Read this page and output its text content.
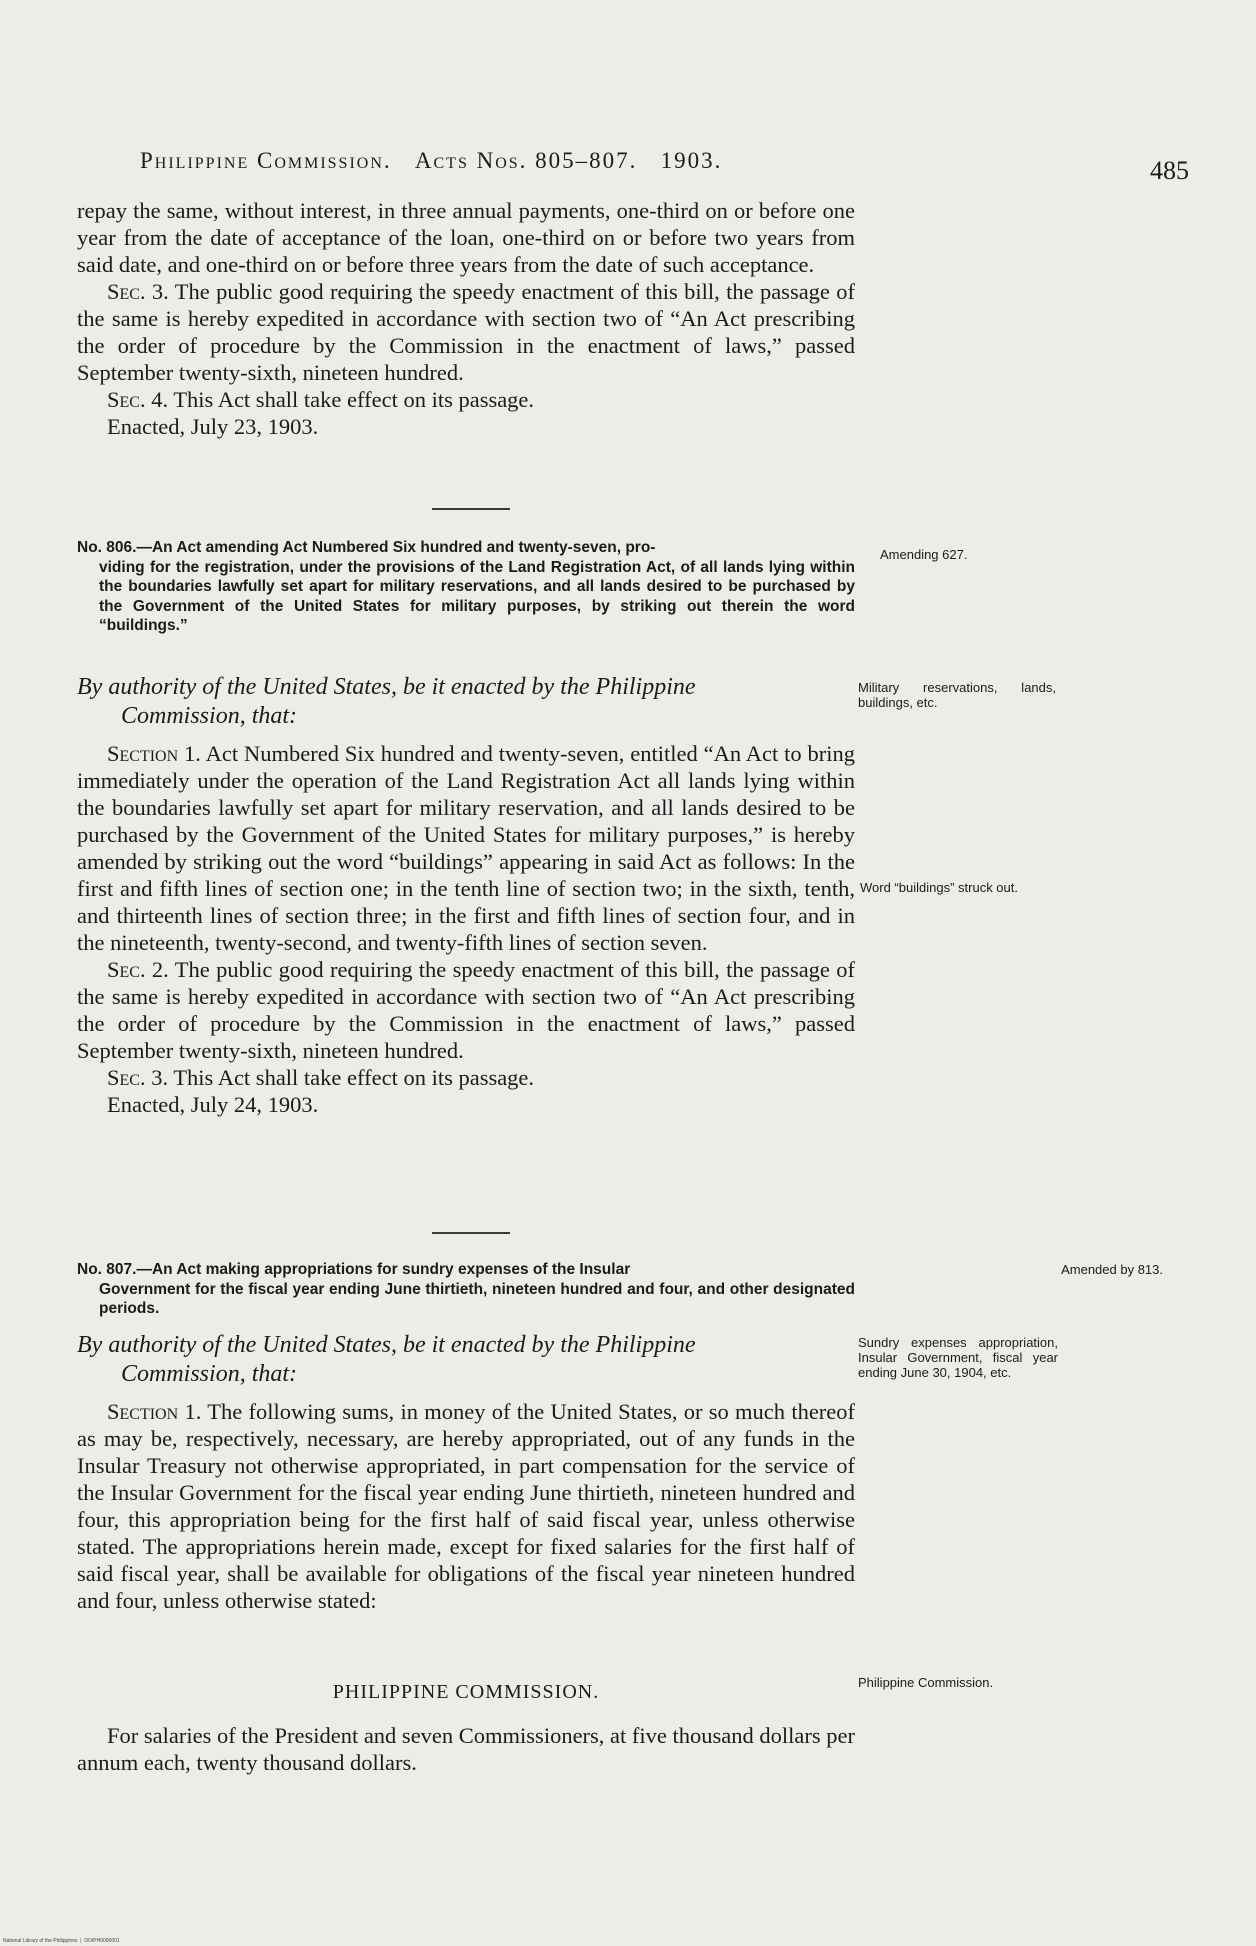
Philippine Commission. Acts Nos. 805–807. 1903.	485

repay the same, without interest, in three annual payments, one-third on or before one year from the date of acceptance of the loan, one-third on or before two years from said date, and one-third on or before three years from the date of such acceptance.

Sec. 3. The public good requiring the speedy enactment of this bill, the passage of the same is hereby expedited in accordance with section two of “An Act prescribing the order of procedure by the Commission in the enactment of laws,” passed September twenty-sixth, nineteen hundred.

Sec. 4. This Act shall take effect on its passage.

Enacted, July 23, 1903.

No. 806.—An Act amending Act Numbered Six hundred and twenty-seven, pro-
viding for the registration, under the provisions of the Land Registration Act, of all lands lying within the boundaries lawfully set apart for military reservations, and all lands desired to be purchased by the Government of the United States for military purposes, by striking out therein the word “buildings.”
Amending 627.
By authority of the United States, be it enacted by the Philippine
Commission, that:
Military reservations, lands, buildings, etc.

Section 1. Act Numbered Six hundred and twenty-seven, entitled “An Act to bring immediately under the operation of the Land Registration Act all lands lying within the boundaries lawfully set apart for military reservation, and all lands desired to be purchased by the Government of the United States for military purposes,” is hereby amended by striking out the word “buildings” appearing in said Act as follows: In the first and fifth lines of section one; in the tenth line of section two; in the sixth, tenth, and thirteenth lines of section three; in the first and fifth lines of section four, and in the nineteenth, twenty-second, and twenty-fifth lines of section seven.

Sec. 2. The public good requiring the speedy enactment of this bill, the passage of the same is hereby expedited in accordance with section two of “An Act prescribing the order of procedure by the Commission in the enactment of laws,” passed September twenty-sixth, nineteen hundred.

Sec. 3. This Act shall take effect on its passage.

Enacted, July 24, 1903.

Word “buildings” struck out.
No. 807.—An Act making appropriations for sundry expenses of the Insular
Government for the fiscal year ending June thirtieth, nineteen hundred and four, and other designated periods.
Amended by 813.
By authority of the United States, be it enacted by the Philippine
Commission, that:
Sundry expenses appropriation, Insular Government, fiscal year ending June 30, 1904, etc.

Section 1. The following sums, in money of the United States, or so much thereof as may be, respectively, necessary, are hereby appropriated, out of any funds in the Insular Treasury not otherwise appropriated, in part compensation for the service of the Insular Government for the fiscal year ending June thirtieth, nineteen hundred and four, this appropriation being for the first half of said fiscal year, unless otherwise stated. The appropriations herein made, except for fixed salaries for the first half of said fiscal year, shall be available for obligations of the fiscal year nineteen hundred and four, unless otherwise stated:

PHILIPPINE COMMISSION.	Philippine Commission.

For salaries of the President and seven Commissioners, at five thousand dollars per annum each, twenty thousand dollars.

National Library of the Philippines  |  DOIPH0000001
